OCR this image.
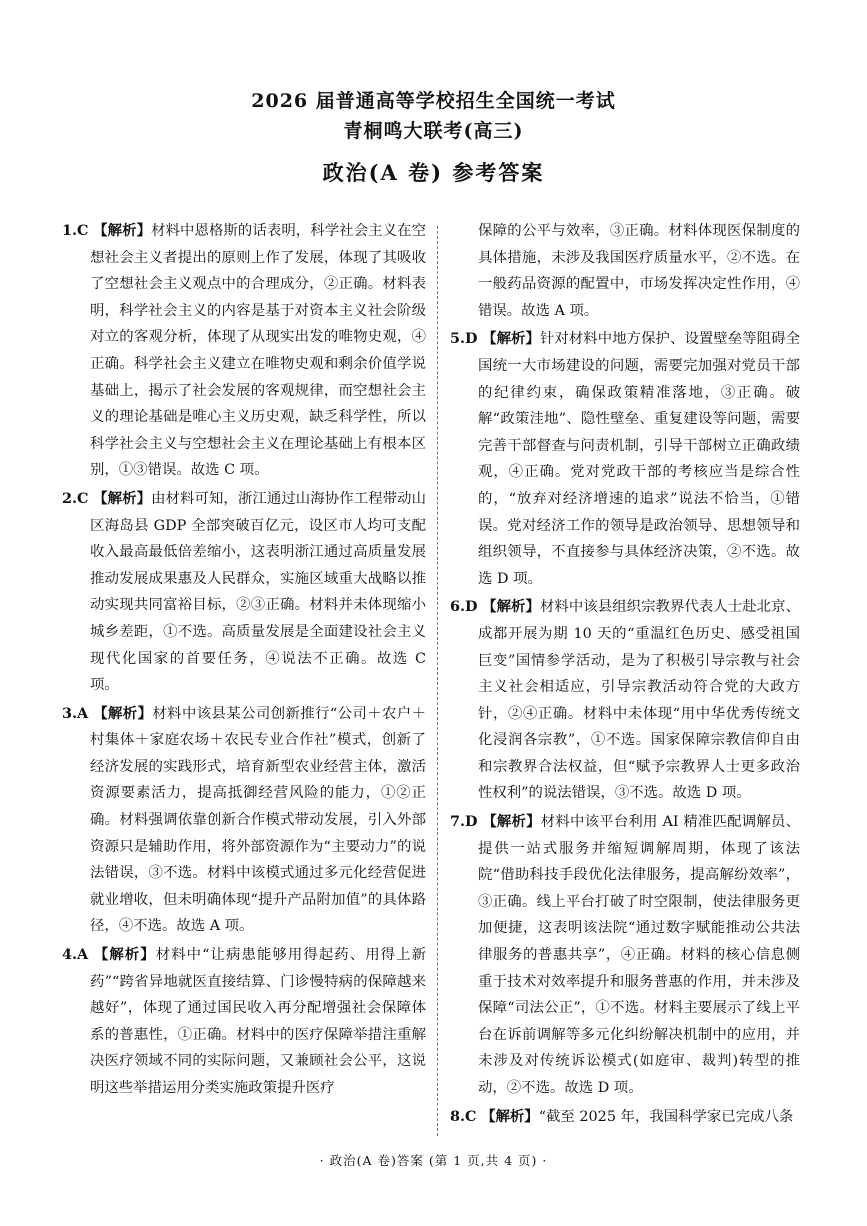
2026 届普通高等学校招生全国统一考试
青桐鸣大联考(高三)
政治(A 卷) 参考答案
1.C 【解析】材料中恩格斯的话表明，科学社会主义在空想社会主义者提出的原则上作了发展，体现了其吸收了空想社会主义观点中的合理成分，②正确。材料表明，科学社会主义的内容是基于对资本主义社会阶级对立的客观分析，体现了从现实出发的唯物史观，④正确。科学社会主义建立在唯物史观和剩余价值学说基础上，揭示了社会发展的客观规律，而空想社会主义的理论基础是唯心主义历史观，缺乏科学性，所以科学社会主义与空想社会主义在理论基础上有根本区别，①③错误。故选 C 项。
2.C 【解析】由材料可知，浙江通过山海协作工程带动山区海岛县 GDP 全部突破百亿元，设区市人均可支配收入最高最低倍差缩小，这表明浙江通过高质量发展推动发展成果惠及人民群众，实施区域重大战略以推动实现共同富裕目标，②③正确。材料并未体现缩小城乡差距，①不选。高质量发展是全面建设社会主义现代化国家的首要任务，④说法不正确。故选 C 项。
3.A 【解析】材料中该县某公司创新推行“公司＋农户＋村集体＋家庭农场＋农民专业合作社”模式，创新了经济发展的实践形式，培育新型农业经营主体，激活资源要素活力，提高抵御经营风险的能力，①②正确。材料强调依靠创新合作模式带动发展，引入外部资源只是辅助作用，将外部资源作为“主要动力”的说法错误，③不选。材料中该模式通过多元化经营促进就业增收，但未明确体现“提升产品附加值”的具体路径，④不选。故选 A 项。
4.A 【解析】材料中“让病患能够用得起药、用得上新药”“跨省异地就医直接结算、门诊慢特病的保障越来越好”，体现了通过国民收入再分配增强社会保障体系的普惠性，①正确。材料中的医疗保障举措注重解决医疗领域不同的实际问题，又兼顾社会公平，这说明这些举措运用分类实施政策提升医疗
保障的公平与效率，③正确。材料体现医保制度的具体措施，未涉及我国医疗质量水平，②不选。在一般药品资源的配置中，市场发挥决定性作用，④错误。故选 A 项。
5.D 【解析】针对材料中地方保护、设置壁垒等阻碍全国统一大市场建设的问题，需要完加强对党员干部的纪律约束，确保政策精准落地，③正确。破解“政策洼地”、隐性壁垒、重复建设等问题，需要完善干部督查与问责机制，引导干部树立正确政绩观，④正确。党对党政干部的考核应当是综合性的，“放弃对经济增速的追求”说法不恰当，①错误。党对经济工作的领导是政治领导、思想领导和组织领导，不直接参与具体经济决策，②不选。故选 D 项。
6.D 【解析】材料中该县组织宗教界代表人士赴北京、成都开展为期 10 天的“重温红色历史、感受祖国巨变”国情参学活动，是为了积极引导宗教与社会主义社会相适应，引导宗教活动符合党的大政方针，②④正确。材料中未体现“用中华优秀传统文化浸润各宗教”，①不选。国家保障宗教信仰自由和宗教界合法权益，但“赋予宗教界人士更多政治性权利”的说法错误，③不选。故选 D 项。
7.D 【解析】材料中该平台利用 AI 精准匹配调解员、提供一站式服务并缩短调解周期，体现了该法院“借助科技手段优化法律服务，提高解纷效率”，③正确。线上平台打破了时空限制，使法律服务更加便捷，这表明该法院“通过数字赋能推动公共法律服务的普惠共享”，④正确。材料的核心信息侧重于技术对效率提升和服务普惠的作用，并未涉及保障“司法公正”，①不选。材料主要展示了线上平台在诉前调解等多元化纠纷解决机制中的应用，并未涉及对传统诉讼模式(如庭审、裁判)转型的推动，②不选。故选 D 项。
8.C 【解析】“截至 2025 年，我国科学家已完成八条
· 政治(A 卷)答案 (第 1 页,共 4 页) ·
